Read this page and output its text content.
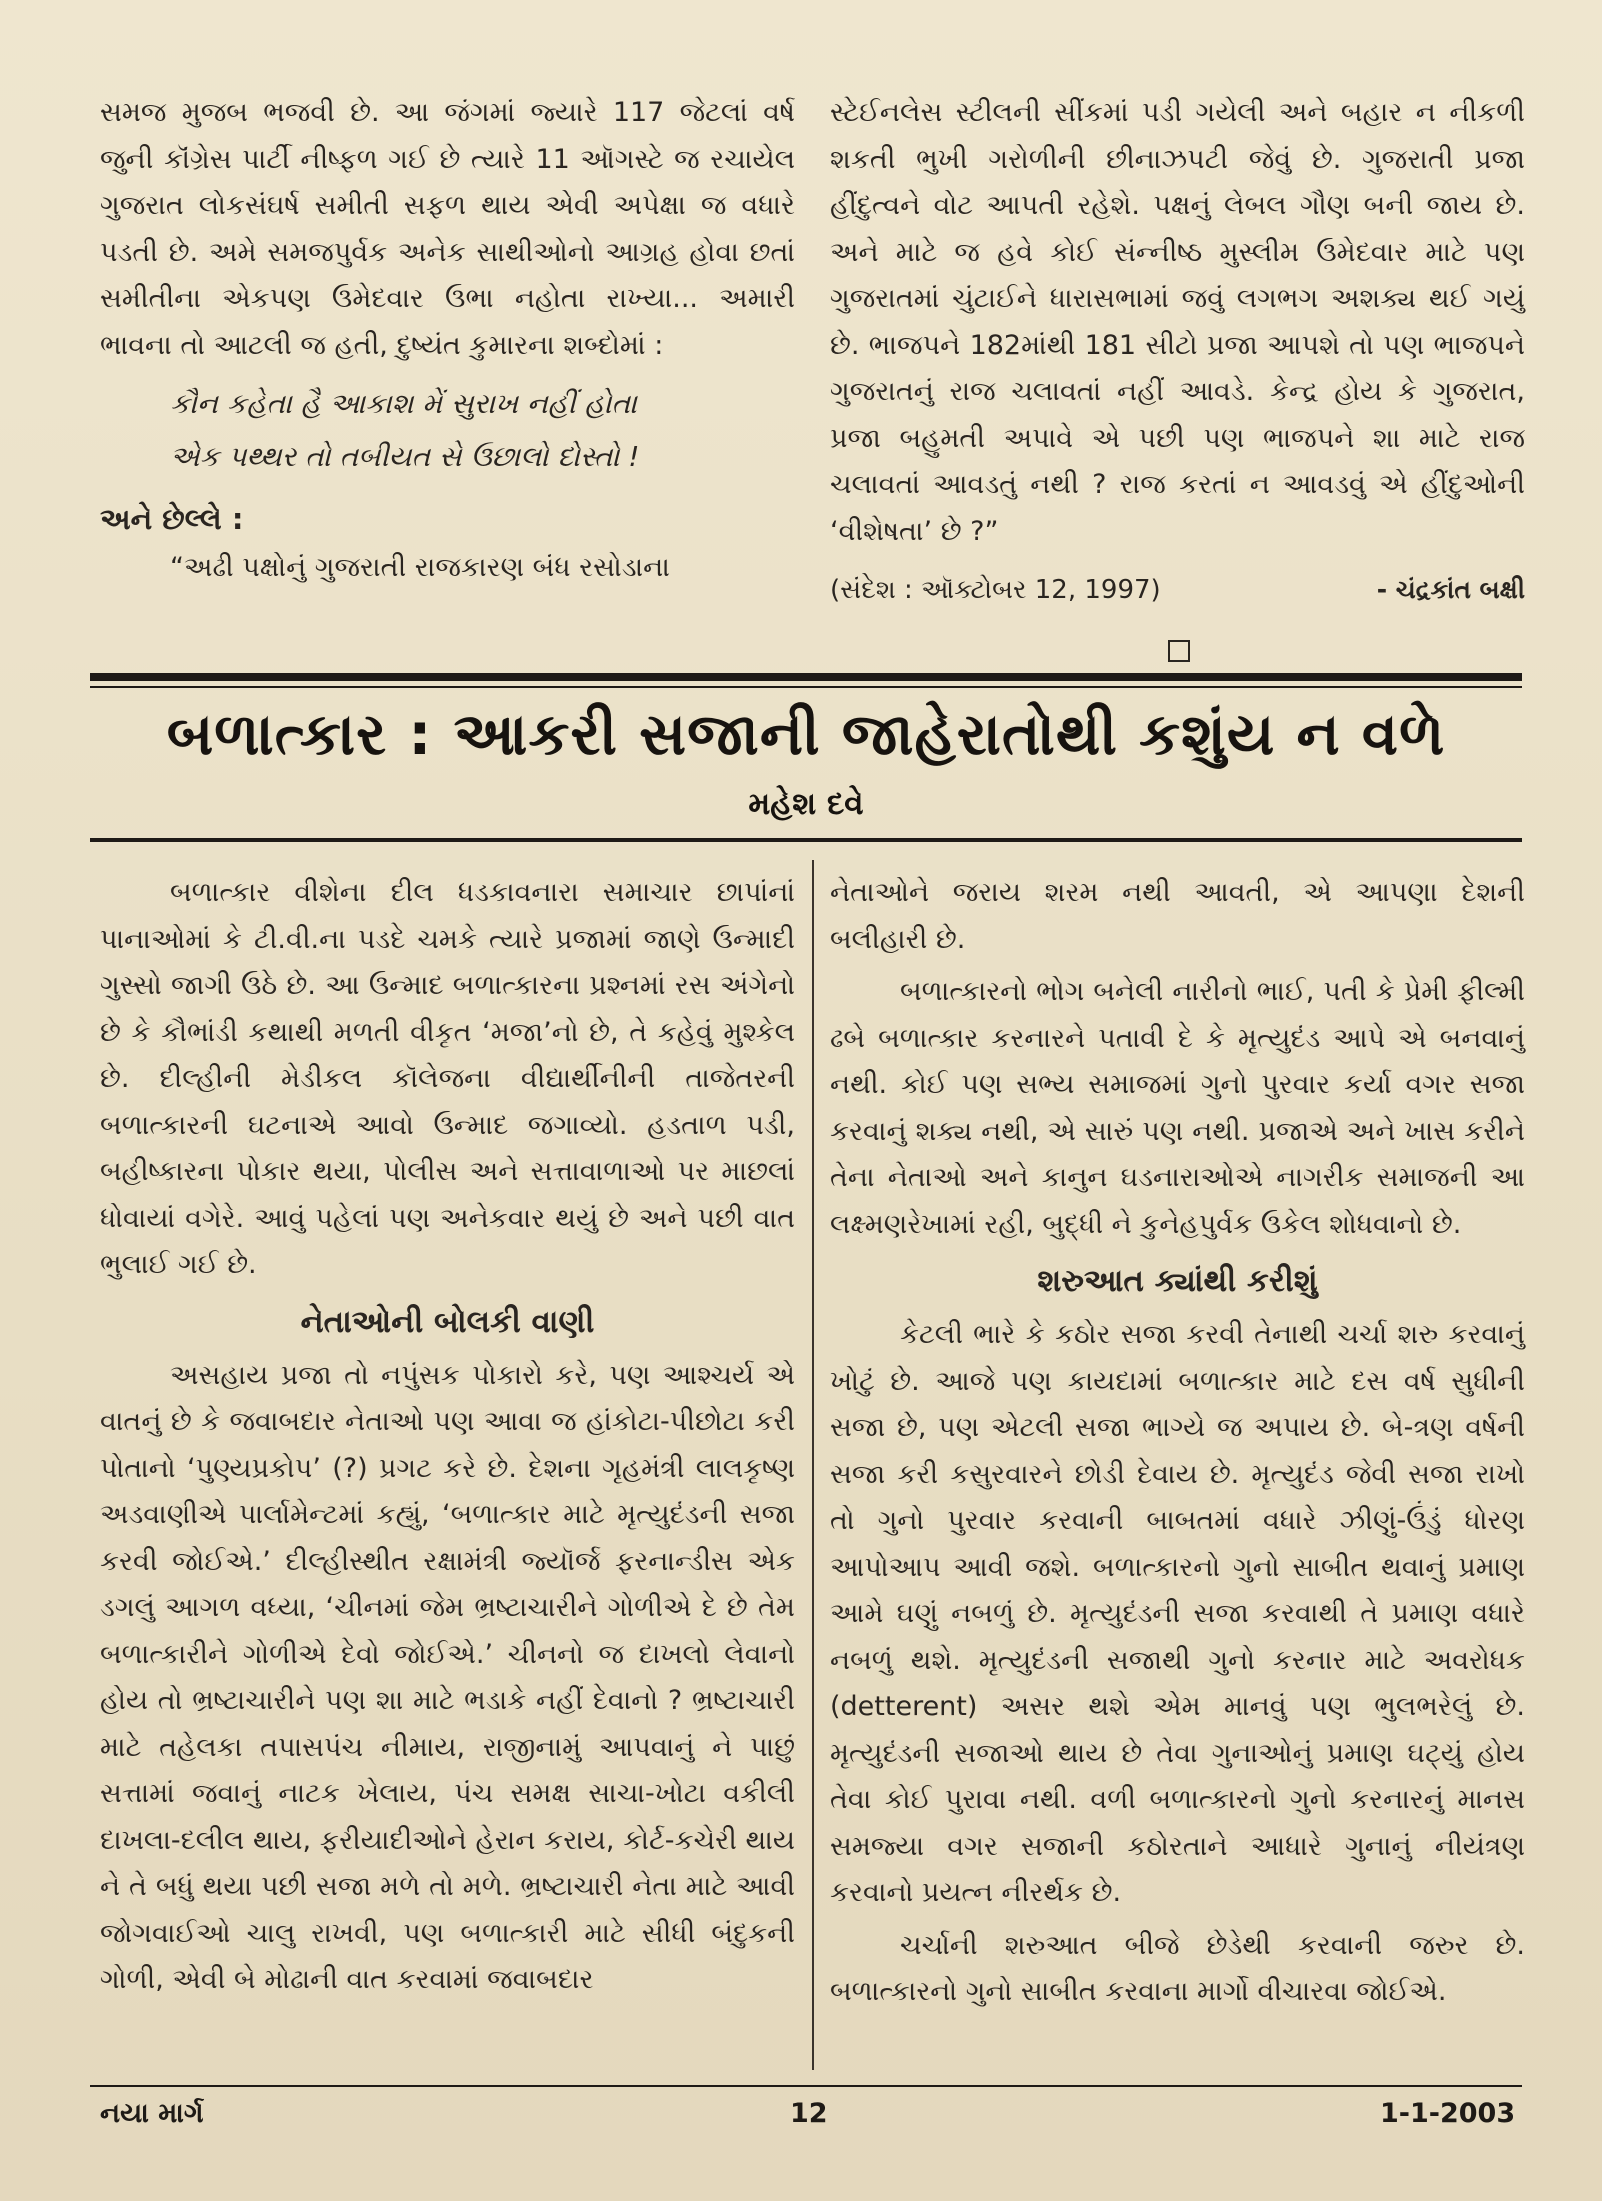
સમજ મુજબ ભજવી છે. આ જંગમાં જ્યારે 117 જેટલાં વર્ષ જુની કૉંગ્રેસ પાર્ટી નીષ્ફળ ગઈ છે ત્યારે 11 ઑગસ્ટે જ રચાયેલ ગુજરાત લોકસંઘર્ષ સમીતી સફળ થાય એવી અપેક્ષા જ વધારે પડતી છે. અમે સમજપુર્વક અનેક સાથીઓનો આગ્રહ હોવા છતાં સમીતીના એકપણ ઉમેદવાર ઉભા નહોતા રાખ્યા... અમારી ભાવના તો આટલી જ હતી, દુષ્યંત કુમારના શબ્દોમાં :

કૌન કહેતા હૈ આકાશ મેં સુરાખ નહીં હોતા
એક પથ્થર તો તબીયત સે ઉછાલો દોસ્તો !
અને છેલ્લે :

“અઢી પક્ષોનું ગુજરાતી રાજકારણ બંધ રસોડાના

સ્ટેઈનલેસ સ્ટીલની સીંકમાં પડી ગયેલી અને બહાર ન નીકળી શકતી ભુખી ગરોળીની છીનાઝપટી જેવું છે. ગુજરાતી પ્રજા હીંદુત્વને વોટ આપતી રહેશે. પક્ષનું લેબલ ગૌણ બની જાય છે. અને માટે જ હવે કોઈ સંન્નીષ્ઠ મુસ્લીમ ઉમેદવાર માટે પણ ગુજરાતમાં ચુંટાઈને ધારાસભામાં જવું લગભગ અશક્ય થઈ ગયું છે. ભાજપને 182માંથી 181 સીટો પ્રજા આપશે તો પણ ભાજપને ગુજરાતનું રાજ ચલાવતાં નહીં આવડે. કેન્દ્ર હોય કે ગુજરાત, પ્રજા બહુમતી અપાવે એ પછી પણ ભાજપને શા માટે રાજ ચલાવતાં આવડતું નથી ? રાજ કરતાં ન આવડવું એ હીંદુઓની ‘વીશેષતા’ છે ?”

(સંદેશ : ઑક્ટોબર 12, 1997)	- ચંદ્રકાંત બક્ષી
બળાત્કાર : આકરી સજાની જાહેરાતોથી કશુંય ન વળે
મહેશ દવે

બળાત્કાર વીશેના દીલ ધડકાવનારા સમાચાર છાપાંનાં પાનાઓમાં કે ટી.વી.ના પડદે ચમકે ત્યારે પ્રજામાં જાણે ઉન્માદી ગુસ્સો જાગી ઉઠે છે. આ ઉન્માદ બળાત્કારના પ્રશ્નમાં રસ અંગેનો છે કે કૌભાંડી કથાથી મળતી વીકૃત ‘મજા’નો છે, તે કહેવું મુશ્કેલ છે. દીલ્હીની મેડીકલ કૉલેજના વીદ્યાર્થીનીની તાજેતરની બળાત્કારની ઘટનાએ આવો ઉન્માદ જગાવ્યો. હડતાળ પડી, બહીષ્કારના પોકાર થયા, પોલીસ અને સત્તાવાળાઓ પર માછલાં ધોવાયાં વગેરે. આવું પહેલાં પણ અનેકવાર થયું છે અને પછી વાત ભુલાઈ ગઈ છે.

નેતાઓની બોલકી વાણી

અસહાય પ્રજા તો નપુંસક પોકારો કરે, પણ આશ્ચર્ય એ વાતનું છે કે જવાબદાર નેતાઓ પણ આવા જ હાંકોટા-પીછોટા કરી પોતાનો ‘પુણ્યપ્રકોપ’ (?) પ્રગટ કરે છે. દેશના ગૃહમંત્રી લાલકૃષ્ણ અડવાણીએ પાર્લામેન્ટમાં કહ્યું, ‘બળાત્કાર માટે મૃત્યુદંડની સજા કરવી જોઈએ.’ દીલ્હીસ્થીત રક્ષામંત્રી જ્યૉર્જ ફરનાન્ડીસ એક ડગલું આગળ વધ્યા, ‘ચીનમાં જેમ ભ્રષ્ટાચારીને ગોળીએ દે છે તેમ બળાત્કારીને ગોળીએ દેવો જોઈએ.’ ચીનનો જ દાખલો લેવાનો હોય તો ભ્રષ્ટાચારીને પણ શા માટે ભડાકે નહીં દેવાનો ? ભ્રષ્ટાચારી માટે તહેલકા તપાસપંચ નીમાય, રાજીનામું આપવાનું ને પાછું સત્તામાં જવાનું નાટક ખેલાય, પંચ સમક્ષ સાચા-ખોટા વકીલી દાખલા-દલીલ થાય, ફરીયાદીઓને હેરાન કરાય, કોર્ટ-કચેરી થાય ને તે બધું થયા પછી સજા મળે તો મળે. ભ્રષ્ટાચારી નેતા માટે આવી જોગવાઈઓ ચાલુ રાખવી, પણ બળાત્કારી માટે સીધી બંદુકની ગોળી, એવી બે મોઢાની વાત કરવામાં જવાબદાર

નેતાઓને જરાય શરમ નથી આવતી, એ આપણા દેશની બલીહારી છે.

બળાત્કારનો ભોગ બનેલી નારીનો ભાઈ, પતી કે પ્રેમી ફીલ્મી ઢબે બળાત્કાર કરનારને પતાવી દે કે મૃત્યુદંડ આપે એ બનવાનું નથી. કોઈ પણ સભ્ય સમાજમાં ગુનો પુરવાર કર્યા વગર સજા કરવાનું શક્ય નથી, એ સારું પણ નથી. પ્રજાએ અને ખાસ કરીને તેના નેતાઓ અને કાનુન ઘડનારાઓએ નાગરીક સમાજની આ લક્ષ્મણરેખામાં રહી, બુદ્ધી ને કુનેહપુર્વક ઉકેલ શોધવાનો છે.

શરુઆત ક્યાંથી કરીશું

કેટલી ભારે કે કઠોર સજા કરવી તેનાથી ચર્ચા શરુ કરવાનું ખોટું છે. આજે પણ કાયદામાં બળાત્કાર માટે દસ વર્ષ સુધીની સજા છે, પણ એટલી સજા ભાગ્યે જ અપાય છે. બે-ત્રણ વર્ષની સજા કરી કસુરવારને છોડી દેવાય છે. મૃત્યુદંડ જેવી સજા રાખો તો ગુનો પુરવાર કરવાની બાબતમાં વધારે ઝીણું-ઉંડું ધોરણ આપોઆપ આવી જશે. બળાત્કારનો ગુનો સાબીત થવાનું પ્રમાણ આમે ઘણું નબળું છે. મૃત્યુદંડની સજા કરવાથી તે પ્રમાણ વધારે નબળું થશે. મૃત્યુદંડની સજાથી ગુનો કરનાર માટે અવરોધક (detterent) અસર થશે એમ માનવું પણ ભુલભરેલું છે. મૃત્યુદંડની સજાઓ થાય છે તેવા ગુનાઓનું પ્રમાણ ઘટ્યું હોય તેવા કોઈ પુરાવા નથી. વળી બળાત્કારનો ગુનો કરનારનું માનસ સમજ્યા વગર સજાની કઠોરતાને આધારે ગુનાનું નીયંત્રણ કરવાનો પ્રયત્ન નીરર્થક છે.

ચર્ચાની શરુઆત બીજે છેડેથી કરવાની જરુર છે. બળાત્કારનો ગુનો સાબીત કરવાના માર્ગો વીચારવા જોઈએ.

નયા માર્ગ	12	1-1-2003
